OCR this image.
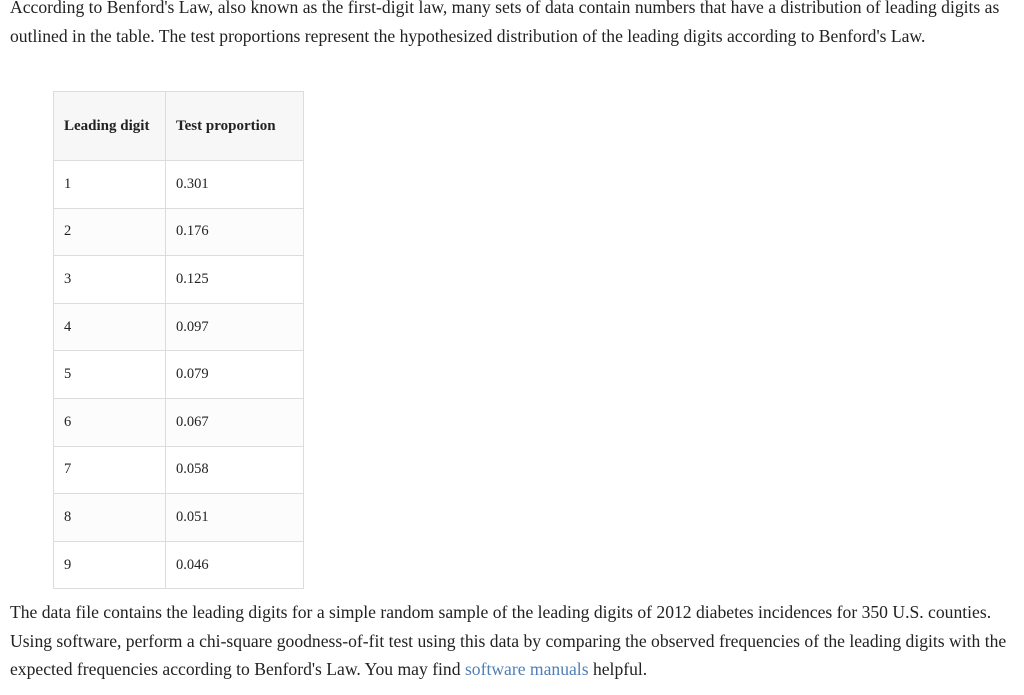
According to Benford's Law, also known as the first-digit law, many sets of data contain numbers that have a distribution of leading digits as outlined in the table. The test proportions represent the hypothesized distribution of the leading digits according to Benford's Law.

Leading digit	Test proportion
1	0.301
2	0.176
3	0.125
4	0.097
5	0.079
6	0.067
7	0.058
8	0.051
9	0.046

The data file contains the leading digits for a simple random sample of the leading digits of 2012 diabetes incidences for 350 U.S. counties. Using software, perform a chi-square goodness-of-fit test using this data by comparing the observed frequencies of the leading digits with the expected frequencies according to Benford's Law. You may find software manuals helpful.
